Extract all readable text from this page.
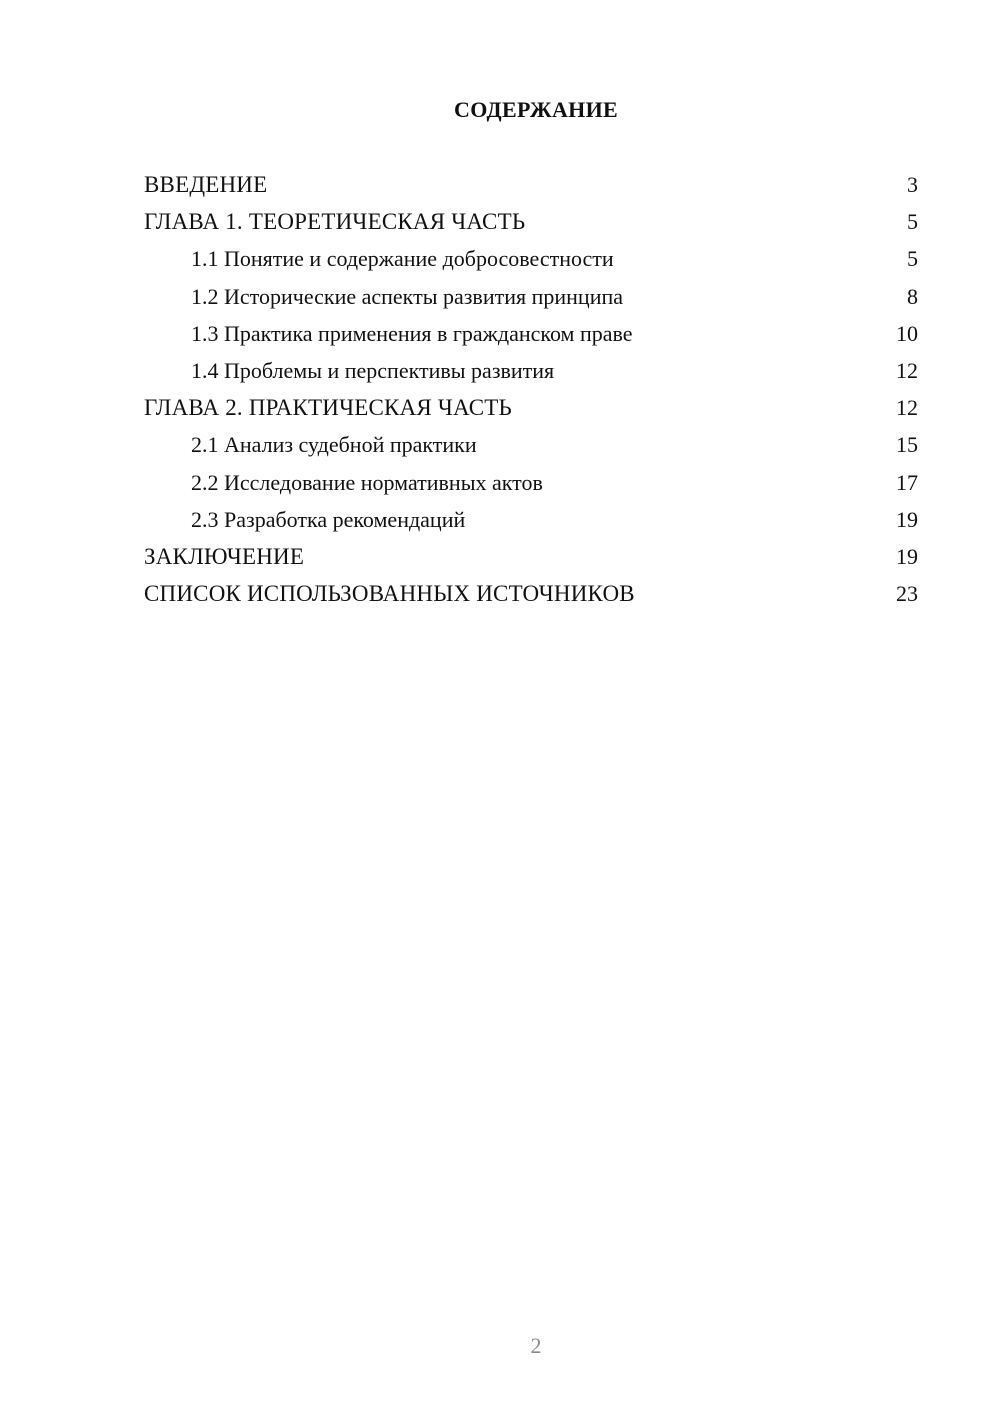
СОДЕРЖАНИЕ
ВВЕДЕНИЕ	3
ГЛАВА 1. ТЕОРЕТИЧЕСКАЯ ЧАСТЬ	5
1.1 Понятие и содержание добросовестности	5
1.2 Исторические аспекты развития принципа	8
1.3 Практика применения в гражданском праве	10
1.4 Проблемы и перспективы развития	12
ГЛАВА 2. ПРАКТИЧЕСКАЯ ЧАСТЬ	12
2.1 Анализ судебной практики	15
2.2 Исследование нормативных актов	17
2.3 Разработка рекомендаций	19
ЗАКЛЮЧЕНИЕ	19
СПИСОК ИСПОЛЬЗОВАННЫХ ИСТОЧНИКОВ	23
2
